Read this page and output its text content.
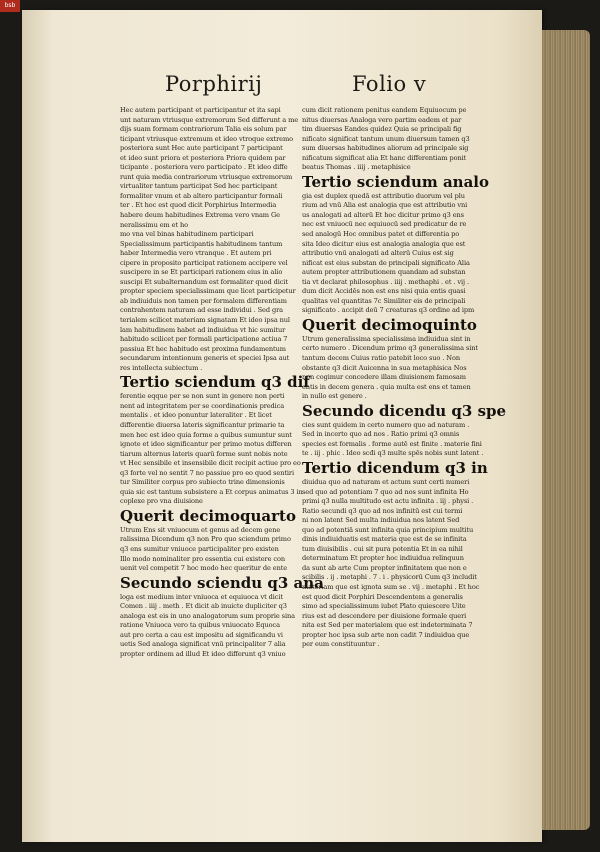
bsb
Porphirij	Folio v
Hec autem participant et participantur et ita sapi
unt naturam vtriusque extremorum Sed differunt a me
dijs suam formam contrariorum Talia eis solum par
ticipant vtriusque extremum et ideo vtroque extremo
posteriora sunt Hec aute participant 7 participant
et ideo sunt priora et posteriora Priora quidem par
ticipante . posteriora vero participato . Et ideo diffe
runt quia media contrariorum vtriusque extremorum
virtualiter tantum participat Sed hec participant
formaliter vnum et ab altero participantur formali
ter . Et hoc est quod dicit Porphirius Intermedia
habere deum habitudines Extrema vero vnam Ge
neralissimu em et ho
mo vna vel binas habitudinem participari
Specialissimum participantis habitudinem tantum
haber Intermedia vero vtranque . Et autem pri
cipere in proposito participat rationem accipere vel
suscipere in se Et participari rationem eius in alio
suscipi Et subalternandum est formaliter quod dicit
propter speciem specialissimam que licet participetur
ab indiuiduis non tamen per formalem differentiam
contrahentem naturam ad esse individui . Sed gra
terialem scilicet materiam signatam Et ideo ipsa nul
lam habitudinem habet ad indiuidua vt hic sumitur
habitudo scilicet per formali participatione actiua 7
passiua Et hec habitudo est proxima fundamentum
secundarum intentionum generis et speciei Ipsa aut
res intellecta subiectum .
Tertio sciendum q3 dif
ferentie eqque per se non sunt in genere non perti
nent ad integritatem per se coordinationis predica
mentalis . et ideo ponuntur lateraliter . Et licet
differentie diuersa lateris significantur primarie ta
men hec est ideo quia forme a quibus sumuntur sunt
ignote et ideo significantur per primo motus differen
tiarum alternus lateris quarū forme sunt nobis note
vt Hec sensibile et insensibile dicit recipit actiue pro eo
q3 forte vel no sentit 7 no passiue pro eo quod sentiri
tur Similiter corpus pro subiecto trine dimensionis
quia sic est tantum subsistere a Et corpus animatus 3 in
coplexe pro vna diuisione
Querit decimoquarto
Utrum Ens sit vniuocum et genus ad decem gene
ralissima Dicendum q3 non Pro quo sciendum primo
q3 ens sumitur vniuoce participaliter pro existen
Illo modo nominaliter pro essentia cui existere con
uenit vel competit 7 hoc modo hec queritur de ente
Secundo sciendu q3 ana
loga est medium inter vniuoca et equiuoca vt dicit
Comen . iiij . meth . Et dicit ab inuicte dupliciter q3
analoga est eis in uno analogatorum sum proprie sina
ratione Vniuoca vero ta quibus vniuocato Equoca
aut pro certa a cau est impositu ad significandu vi
uetis Sed analoga significat vnū principaliter 7 alia
propter ordinem ad illud Et ideo differunt q3 vniuo
cum dicit rationem penitus eandem Equiuocum pe
nitus diuersas Analoga vero partim eadem et par
tim diuersas Eandes quidez Quia se principali fig
nificato significat tantum unum diuersum tamen q3
sum diuersas habitudines aliorum ad principale sig
nificatum significat alia Et hanc differentiam ponit
beatus Thomas . iiij . metaphisice
Tertio sciendum analo
gia est duplex quedā est attributio duorum vel plu
rium ad vnū Alia est analogia que est attributio vni
us analogati ad alterū Et hoc dicitur primo q3 ens
nec est vniuocū nec equiuocū sed predicatur de re
sed analogū Hoc omnibus patet et differentia po
sita Ideo dicitur eius est analogia analogia que est
attributio vnū analogati ad alterū Cuius est sig
nificat est eius substan de principali significato Alia
autem propter attributionem quandam ad substan
tia vt declarat philosophus . iiij . methaphi . et . vij .
dum dicit Accidēs non est ens nisi quia entis quasi
qualitas vel quantitas 7c Similiter eis de principali
significato . accipit deū 7 creaturas q3 ordine ad ipm
Querit decimoquinto
Utrum generalissima specialissima indiuidua sint in
certo numero . Dicendum primo q3 generalissima sint
tantum decem Cuius ratio patebit loco suo . Non
obstante q3 dicit Auicenna in sua metaphisica Nos
non cogimur concedere illam diuisionem famosam
entis in decem genera . quia multa est ens et tamen
in nullo est genere .
Secundo dicendu q3 spe
cies sunt quidem in certo numero quo ad naturam .
Sed in incerto quo ad nos . Ratio primi q3 omnis
species est formalis . forme autē est finite . materie fini
te . iij . phic . Ideo scđi q3 multe spēs nobis sunt latent .
Tertio dicendum q3 in
diuidua quo ad naturam et actum sunt certi numeri
sed quo ad potentiam 7 quo ad nos sunt infinita Ho
primi q3 nulla multitudo est actu infinita . iij . physi .
Ratio secundi q3 quo ad nos infinitū est cui termi
ni non latent Sed multa indiuidua nos latent Sed
quo ad potentiā sunt infinita quia principium multitu
dinis indiuiduatis est materia que est de se infinita
tum diuisibilis . cui sit pura potentia Et in ea nihil
determinatum Et propter hoc indiuidua relinquun
da sunt ab arte Cum propter infinitatem que non e
scibilis . ij . metaphi . 7 . i . physicorū Cum q3 includit
materiam que est ignota sum se . vij . metaphi . Et hoc
est quod dicit Porphiri Descendentem a generalis
simo ad specialissimum iubet Plato quiescere Uite
rius est ad descendere per diuisione formale queri
nita est Sed per materialem que est indeterminata 7
propter hoc ipsa sub arte non cadit 7 indiuidua que
per eum constituuntur .
